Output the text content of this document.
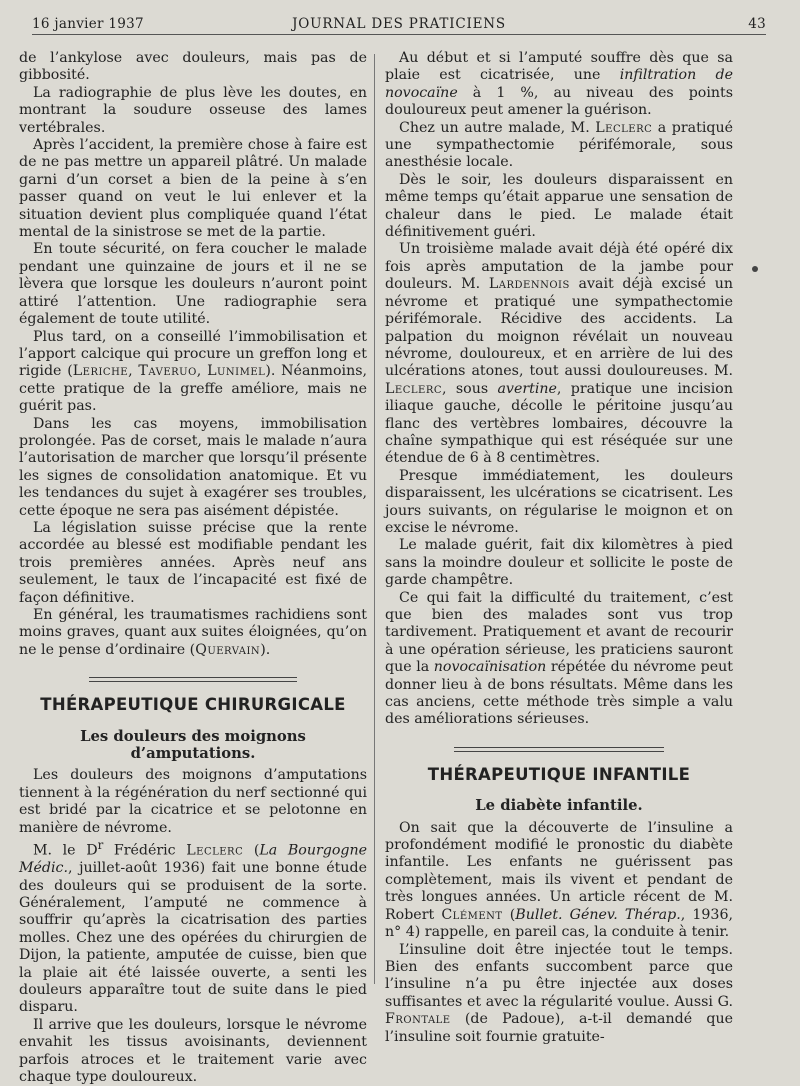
16 janvier 1937	JOURNAL DES PRATICIENS	43

de l’ankylose avec douleurs, mais pas de gibbosité.

La radiographie de plus lève les doutes, en montrant la soudure osseuse des lames vertébrales.

Après l’accident, la première chose à faire est de ne pas mettre un appareil plâtré. Un malade garni d’un corset a bien de la peine à s’en passer quand on veut le lui enlever et la situation devient plus compliquée quand l’état mental de la sinistrose se met de la partie.

En toute sécurité, on fera coucher le malade pendant une quinzaine de jours et il ne se lèvera que lorsque les douleurs n’auront point attiré l’attention. Une radiographie sera également de toute utilité.

Plus tard, on a conseillé l’immobilisation et l’apport calcique qui procure un greffon long et rigide (Leriche, Taveruo, Lunimel). Néanmoins, cette pratique de la greffe améliore, mais ne guérit pas.

Dans les cas moyens, immobilisation prolongée. Pas de corset, mais le malade n’aura l’autorisation de marcher que lorsqu’il présente les signes de consolidation anatomique. Et vu les tendances du sujet à exagérer ses troubles, cette époque ne sera pas aisément dépistée.

La législation suisse précise que la rente accordée au blessé est modifiable pendant les trois premières années. Après neuf ans seulement, le taux de l’incapacité est fixé de façon définitive.

En général, les traumatismes rachidiens sont moins graves, quant aux suites éloignées, qu’on ne le pense d’ordinaire (Quervain).

THÉRAPEUTIQUE CHIRURGICALE
Les douleurs des moignons d’amputations.

Les douleurs des moignons d’amputations tiennent à la régénération du nerf sectionné qui est bridé par la cicatrice et se pelotonne en manière de névrome.

M. le $D^r$ Frédéric Leclerc (La Bourgogne Médic., juillet-août 1936) fait une bonne étude des douleurs qui se produisent de la sorte. Généralement, l’amputé ne commence à souffrir qu’après la cicatrisation des parties molles. Chez une des opérées du chirurgien de Dijon, la patiente, amputée de cuisse, bien que la plaie ait été laissée ouverte, a senti les douleurs apparaître tout de suite dans le pied disparu.

Il arrive que les douleurs, lorsque le névrome envahit les tissus avoisinants, deviennent parfois atroces et le traitement varie avec chaque type douloureux.

Au début et si l’amputé souffre dès que sa plaie est cicatrisée, une infiltration de novocaïne à 1 %, au niveau des points douloureux peut amener la guérison.

Chez un autre malade, M. Leclerc a pratiqué une sympathectomie périfémorale, sous anesthésie locale.

Dès le soir, les douleurs disparaissent en même temps qu’était apparue une sensation de chaleur dans le pied. Le malade était définitivement guéri.

Un troisième malade avait déjà été opéré dix fois après amputation de la jambe pour douleurs. M. Lardennois avait déjà excisé un névrome et pratiqué une sympathectomie périfémorale. Récidive des accidents. La palpation du moignon révélait un nouveau névrome, douloureux, et en arrière de lui des ulcérations atones, tout aussi douloureuses. M. Leclerc, sous avertine, pratique une incision iliaque gauche, décolle le péritoine jusqu’au flanc des vertèbres lombaires, découvre la chaîne sympathique qui est réséquée sur une étendue de 6 à 8 centimètres.

Presque immédiatement, les douleurs disparaissent, les ulcérations se cicatrisent. Les jours suivants, on régularise le moignon et on excise le névrome.

Le malade guérit, fait dix kilomètres à pied sans la moindre douleur et sollicite le poste de garde champêtre.

Ce qui fait la difficulté du traitement, c’est que bien des malades sont vus trop tardivement. Pratiquement et avant de recourir à une opération sérieuse, les praticiens sauront que la novocaïnisation répétée du névrome peut donner lieu à de bons résultats. Même dans les cas anciens, cette méthode très simple a valu des améliorations sérieuses.

THÉRAPEUTIQUE INFANTILE
Le diabète infantile.

On sait que la découverte de l’insuline a profondément modifié le pronostic du diabète infantile. Les enfants ne guérissent pas complètement, mais ils vivent et pendant de très longues années. Un article récent de M. Robert Clément (Bullet. Génev. Thérap., 1936, n° 4) rappelle, en pareil cas, la conduite à tenir.

L’insuline doit être injectée tout le temps. Bien des enfants succombent parce que l’insuline n’a pu être injectée aux doses suffisantes et avec la régularité voulue. Aussi G. Frontale (de Padoue), a-t-il demandé que l’insuline soit fournie gratuite-
